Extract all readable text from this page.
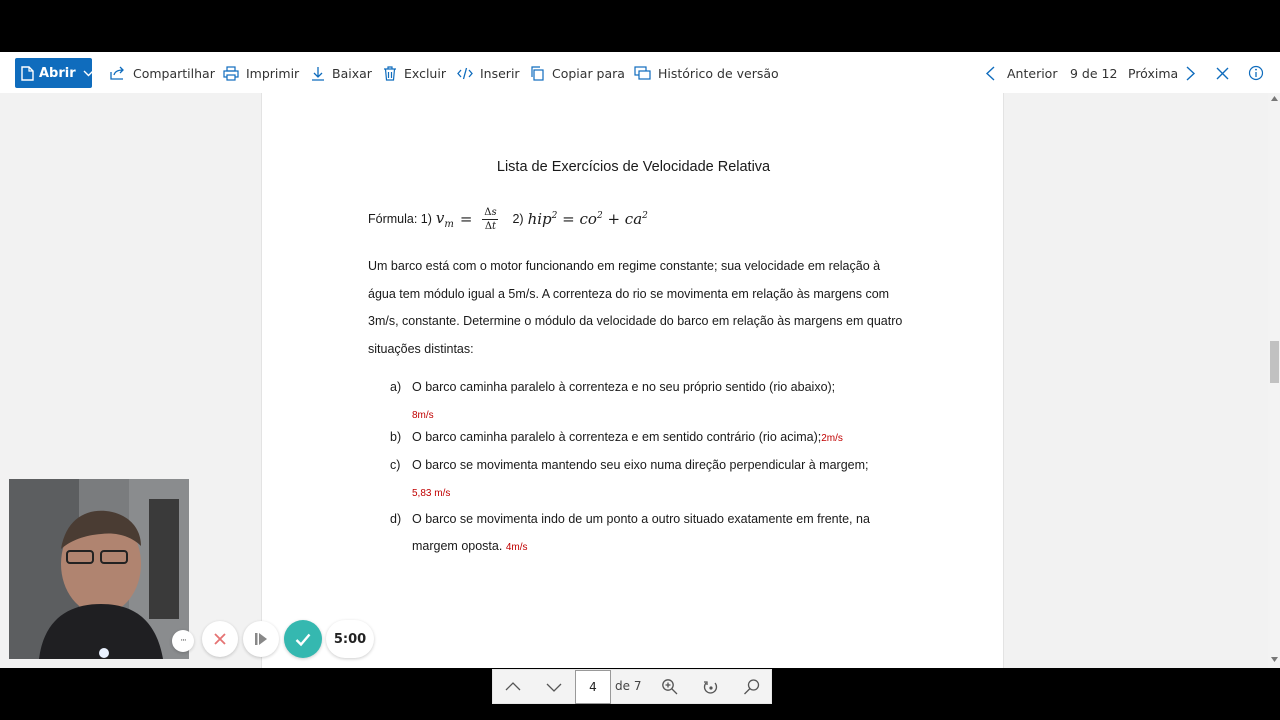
Abrir	Compartilhar Imprimir	Baixar	Excluir	Inserir	Copiar para	Histórico de versão	Anterior 9 de 12 Próxima
Lista de Exercícios de Velocidade Relativa
Fórmula: 1) $v_m = \frac{\Delta s}{\Delta t} 2$) $hip^2 = co^2 + ca^2$
Um barco está com o motor funcionando em regime constante; sua velocidade em relação à água tem módulo igual a 5m/s. A correnteza do rio se movimenta em relação às margens com 3m/s, constante. Determine o módulo da velocidade do barco em relação às margens em quatro situações distintas:
a) O barco caminha paralelo à correnteza e no seu próprio sentido (rio abaixo);
8m/s
b) O barco caminha paralelo à correnteza e em sentido contrário (rio acima);2m/s
c) O barco se movimenta mantendo seu eixo numa direção perpendicular à margem; 5,83 m/s
d) O barco se movimenta indo de um ponto a outro situado exatamente em frente, na margem oposta. 4m/s
4	de 7
···	5:00
